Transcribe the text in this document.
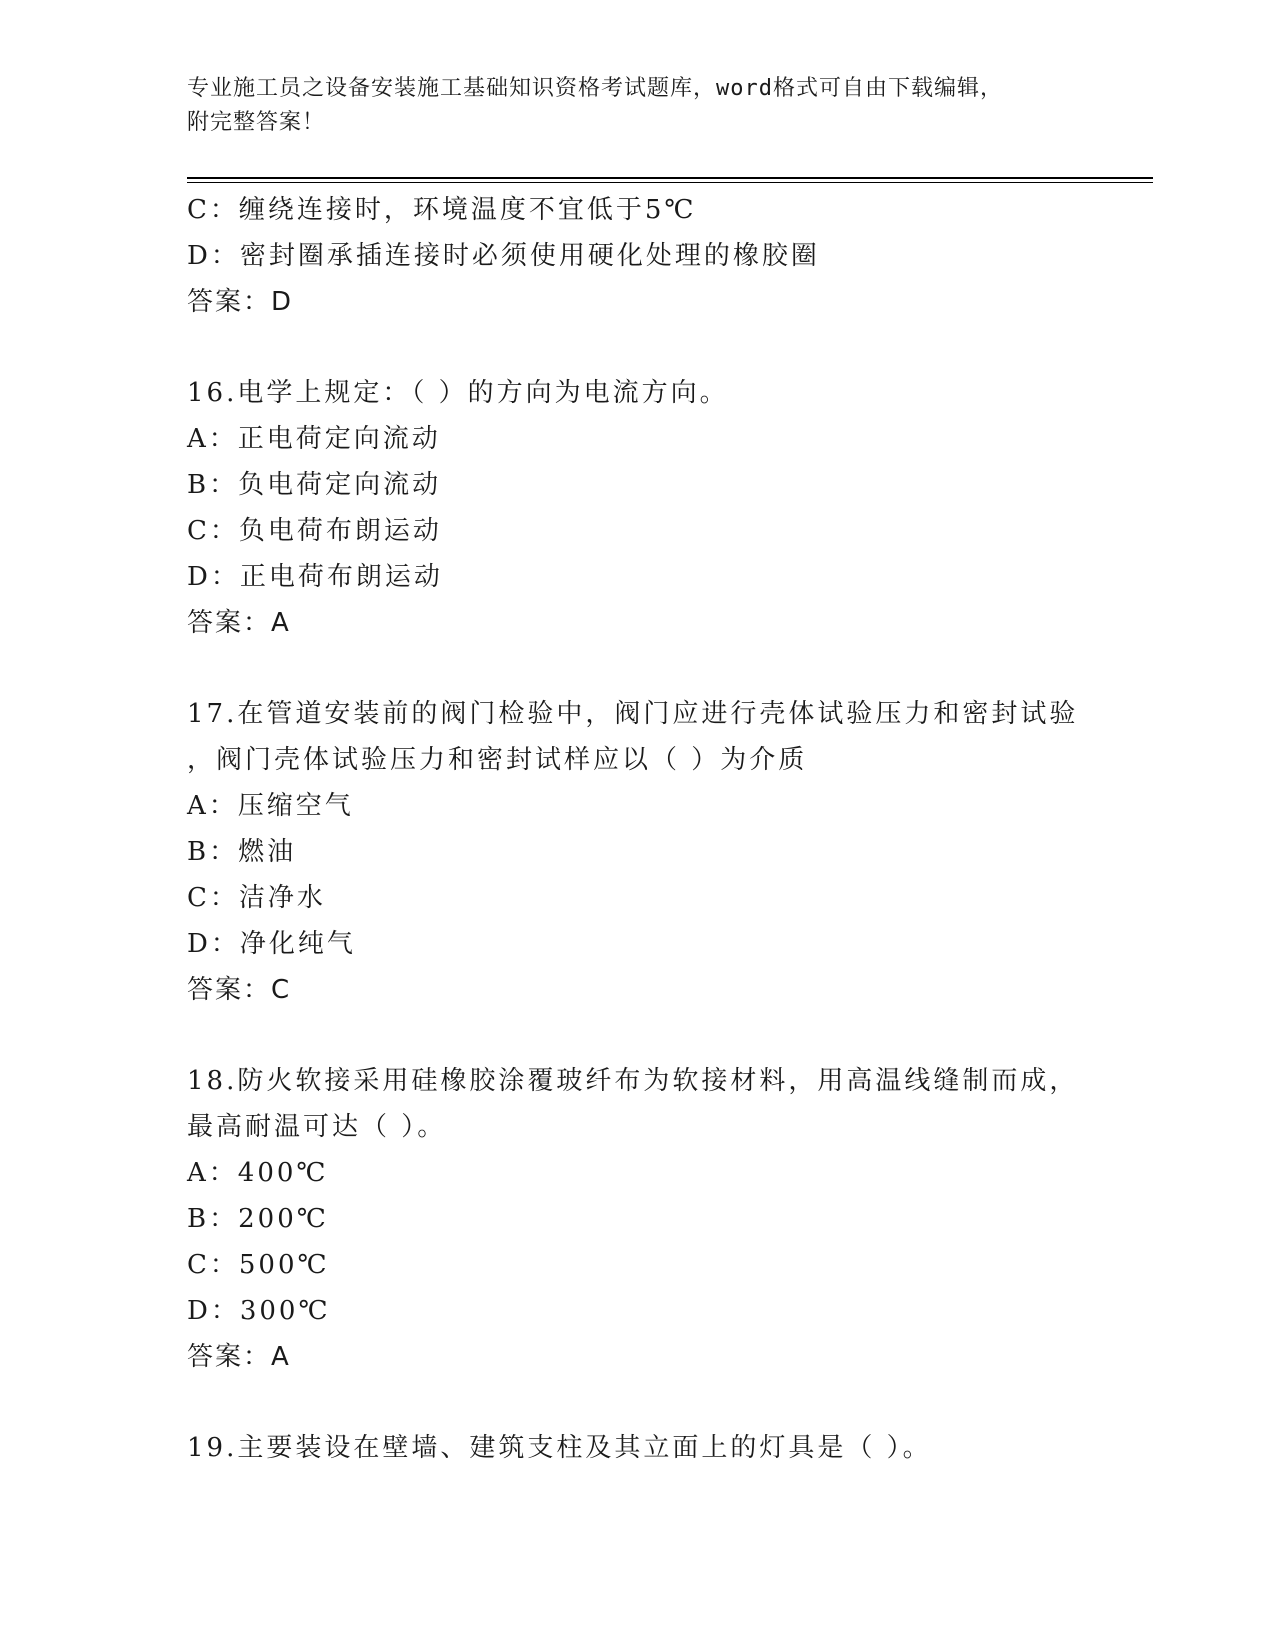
专业施工员之设备安装施工基础知识资格考试题库，word格式可自由下载编辑，
附完整答案！
C：缠绕连接时，环境温度不宜低于5℃
D：密封圈承插连接时必须使用硬化处理的橡胶圈
答案：D
16.电学上规定：（ ）的方向为电流方向。
A：正电荷定向流动
B：负电荷定向流动
C：负电荷布朗运动
D：正电荷布朗运动
答案：A
17.在管道安装前的阀门检验中，阀门应进行壳体试验压力和密封试验
，阀门壳体试验压力和密封试样应以（ ）为介质
A：压缩空气
B：燃油
C：洁净水
D：净化纯气
答案：C
18.防火软接采用硅橡胶涂覆玻纤布为软接材料，用高温线缝制而成，
最高耐温可达（ ）。
A：400℃
B：200℃
C：500℃
D：300℃
答案：A
19.主要装设在壁墙、建筑支柱及其立面上的灯具是（ ）。
